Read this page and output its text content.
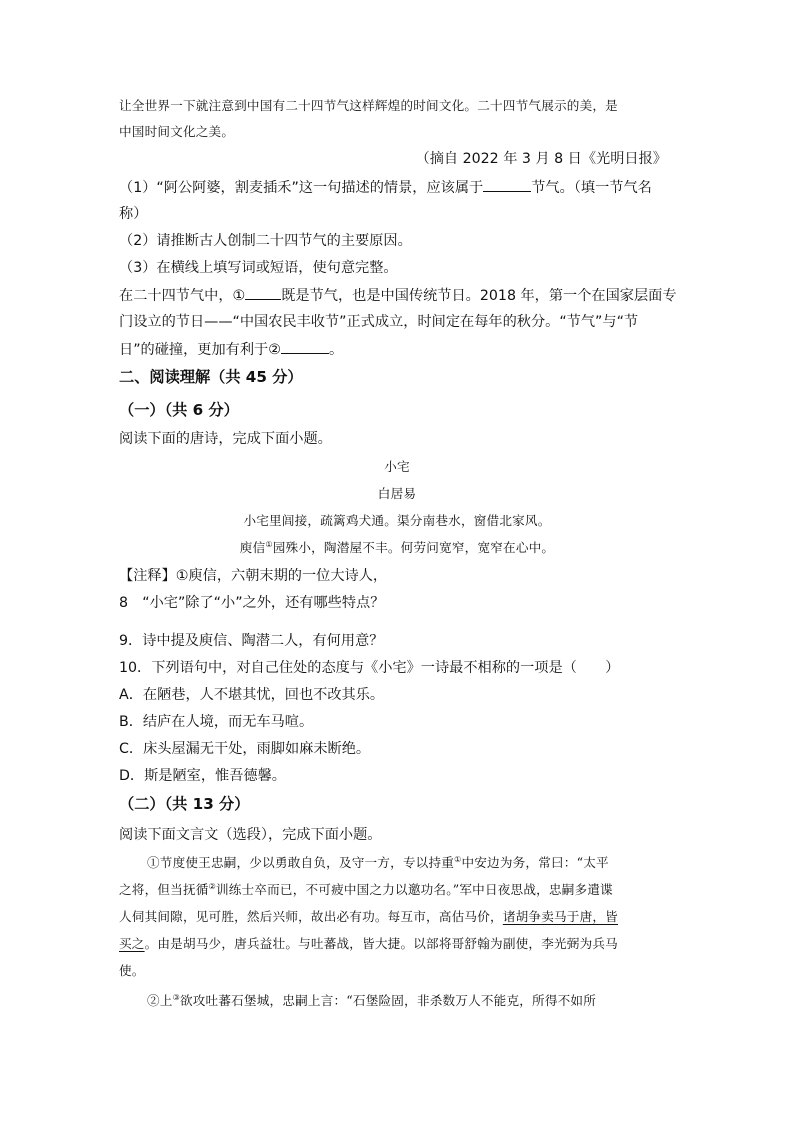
让全世界一下就注意到中国有二十四节气这样辉煌的时间文化。二十四节气展示的美，是
中国时间文化之美。
（摘自 2022 年 3 月 8 日《光明日报》
（1）“阿公阿婆，割麦插禾”这一句描述的情景，应该属于	节气。（填一节气名
称）
（2）请推断古人创制二十四节气的主要原因。
（3）在横线上填写词或短语，使句意完整。
在二十四节气中，①	既是节气，也是中国传统节日。2018 年，第一个在国家层面专
门设立的节日——“中国农民丰收节”正式成立，时间定在每年的秋分。“节气”与“节
日”的碰撞，更加有利于②	。
二、阅读理解（共 45 分）
（一）（共 6 分）
阅读下面的唐诗，完成下面小题。
小宅
白居易
小宅里闾接，疏篱鸡犬通。渠分南巷水，窗借北家风。
庾信①园殊小，陶潜屋不丰。何劳问宽窄，宽窄在心中。
【注释】①庾信，六朝末期的一位大诗人，
8　“小宅”除了“小”之外，还有哪些特点？
9．诗中提及庾信、陶潜二人，有何用意？
10．下列语句中，对自己住处的态度与《小宅》一诗最不相称的一项是（　　）
A．在陋巷，人不堪其忧，回也不改其乐。
B．结庐在人境，而无车马喧。
C．床头屋漏无干处，雨脚如麻未断绝。
D．斯是陋室，惟吾德馨。
（二）（共 13 分）
阅读下面文言文（选段），完成下面小题。
①节度使王忠嗣，少以勇敢自负，及守一方，专以持重①中安边为务，常曰：“太平
之将，但当抚循②训练士卒而已，不可疲中国之力以邀功名。”军中日夜思战，忠嗣多遣谍
人伺其间隙，见可胜，然后兴师，故出必有功。每互市，高估马价，诸胡争卖马于唐，皆
买之。由是胡马少，唐兵益壮。与吐蕃战，皆大捷。以部将哥舒翰为副使，李光弼为兵马
使。
②上③欲攻吐蕃石堡城，忠嗣上言：“石堡险固，非杀数万人不能克，所得不如所
